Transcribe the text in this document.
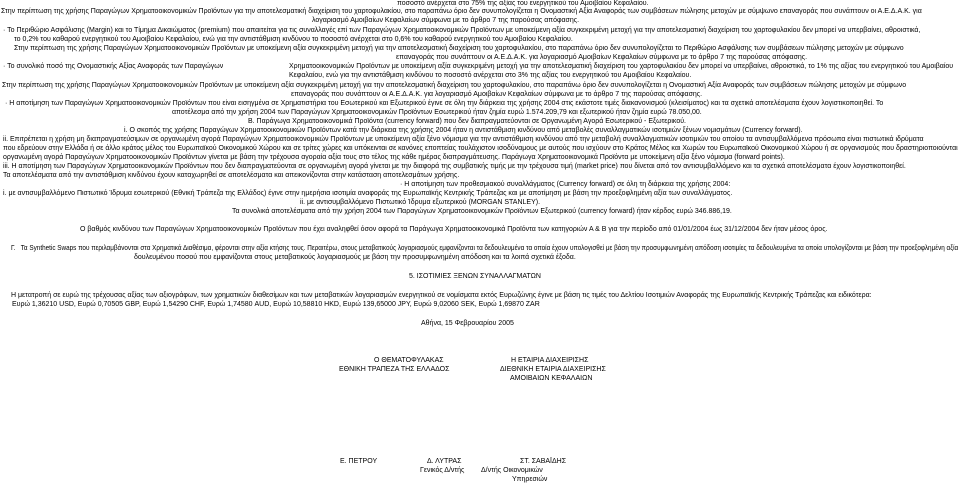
ποσοστό ανέρχεται στο 75% της αξίας του ενεργητικού του Αμοιβαίου Κεφαλαίου.
Στην περίπτωση της χρήσης Παραγώγων Χρηματοοικονομικών Προϊόντων για την αποτελεσματική διαχείριση του χαρτοφυλακίου, στο παραπάνω όριο δεν συνυπολογίζεται η Ονομαστική Αξία Αναφοράς των συμβάσεων πώλησης μετοχών με σύμψωνο επαναγοράς που συνάπτουν οι Α.Ε.Δ.Α.Κ. για
λογαριασμό Αμοιβαίων Κεφαλαίων σύμφωνα με το άρθρο 7 της παρούσας απόφασης.
· Το Περιθώριο Ασφάλισης (Margin) και το Τίμημα Δικαιώματος (premium) που απαιτείται για τις συναλλαγές επί των Παραγώγων Χρηματοοικονομικών Προϊόντων με υποκείμενη αξία συγκεκριμένη μετοχή για την αποτελεσματική διαχείριση του χαρτοφυλακίου δεν μπορεί να υπερβαίνει, αθροιστικά,
το 0,2% του καθαρού ενεργητικού του Αμοιβαίου Κεφαλαίου, ενώ για την αντιστάθμιση κινδύνου το ποσοστό ανέρχεται στο 0,6% του καθαρού ενεργητικού του Αμοιβαίου Κεφαλαίου.
Στην περίπτωση της χρήσης Παραγώγων Χρηματοοικονομικών Προϊόντων με υποκείμενη αξία συγκεκριμένη μετοχή για την αποτελεσματική διαχείριση του χαρτοφυλακίου, στο παραπάνω όριο δεν συνυπολογίζεται το Περιθώριο Ασφάλισης των συμβάσεων πώλησης μετοχών με σύμφωνο
επαναγοράς που συνάπτουν οι Α.Ε.Δ.Α.Κ. για λογαριασμό Αμοιβαίων Κεφαλαίων σύμφωνα με το άρθρο 7 της παρούσας απόφασης.
· Το συνολικό ποσό της Ονομαστικής Αξίας Αναφοράς των Παραγώγων	Χρηματοοικονομικών Προϊόντων με υποκείμενη αξία συγκεκριμένη μετοχή για την αποτελεσματική διαχείριση του χαρτοφυλακίου δεν μπορεί να υπερβαίνει, αθροιστικά, το 1% της αξίας του ενεργητικού του Αμοιβαίου
Κεφαλαίου, ενώ για την αντιστάθμιση κινδύνου το ποσοστό ανέρχεται στο 3% της αξίας του ενεργητικού του Αμοιβαίου Κεφαλαίου.
Στην περίπτωση της χρήσης Παραγώγων Χρηματοοικονομικών Προϊόντων με υποκείμενη αξία συγκεκριμένη μετοχή για την αποτελεσματική διαχείριση του χαρτοφυλακίου, στο παραπάνω όριο δεν συνυπολογίζεται η Ονομαστική Αξία Αναφοράς των συμβάσεων πώλησης μετοχών με σύμφωνο
επαναγοράς που συνάπτουν οι Α.Ε.Δ.Α.Κ. για λογαριασμό Αμοιβαίων Κεφαλαίων σύμφωνα με το άρθρο 7 της παρούσας απόφασης.
· Η αποτίμηση των Παραγώγων Χρηματοοικονομικών Προϊόντων που είναι εισηγμένα σε Χρηματιστήρια του Εσωτερικού και Εξωτερικού έγινε σε όλη την διάρκεια της χρήσης 2004 στις εκάστοτε τιμές διακανονισμού (κλεισίματος) και τα σχετικά αποτελέσματα έχουν λογιστικοποιηθεί. Το
αποτέλεσμα από την χρήση 2004 των Παραγώγων Χρηματοοικονομικών Προϊόντων Εσωτερικού ήταν ζημία ευρώ 1.574.209,79 και εξωτερικού ήταν ζημία ευρώ 78.050,00.
Β. Παράγωγα Χρηματοοικονομικά Προϊόντα (currency forward) που δεν διαπραγματεύονται σε Οργανωμένη Αγορά Εσωτερικού - Εξωτερικού.
i. Ο σκοπός της χρήσης Παραγώγων Χρηματοοικονομικών Προϊόντων κατά την διάρκεια της χρήσης 2004 ήταν η αντιστάθμιση κινδύνου από μεταβολές συναλλαγματικών ισοτιμιών ξένων νομισμάτων (Currency forward).
ii. Επιτρέπεται η χρήση μη διαπραγματεύσιμων σε οργανωμένη αγορά Παραγώγων Χρηματοοικονομικών Προϊόντων με υποκείμενη αξία ξένο νόμισμα για την αντιστάθμιση κινδύνου από την μεταβολή συναλλαγματικών ισοτιμιών του οποίου τα αντισυμβαλλόμενα πρόσωπα είναι πιστωτικά ιδρύματα
που εδρεύουν στην Ελλάδα ή σε άλλο κράτος μέλος του Ευρωπαϊκού Οικονομικού Χώρου και σε τρίτες χώρες και υπόκεινται σε κανόνες εποπτείας τουλάχιστον ισοδύναμους με αυτούς που ισχύουν στο Κράτος Μέλος και Χωρών του Ευρωπαϊκού Οικονομικού Χώρου ή σε οργανισμούς που δραστηριοποιούνται
οργανωμένη αγορά Παραγώγων Χρηματοοικονομικών Προϊόντων γίνεται με βάση την τρέχουσα αγοραία αξία τους στο τέλος της κάθε ημέρας διαπραγμάτευσης. Παράγωγα Χρηματοοικονομικά Προϊόντα με υποκείμενη αξία ξένο νόμισμα (forward points).
iii. Η αποτίμηση των Παραγώγων Χρηματοοικονομικών Προϊόντων που δεν διαπραγματεύονται σε οργανωμένη αγορά γίνεται με την διαφορά της συμβατικής τιμής με την τρέχουσα τιμή (market price) που δίνεται από τον αντισυμβαλλόμενο και τα σχετικά αποτελέσματα έχουν λογιστικοποιηθεί.
Τα αποτελέσματα από την αντιστάθμιση κινδύνου έχουν καταχωρηθεί σε αποτελέσματα και απεικονίζονται στην κατάσταση αποτελεσμάτων χρήσης.
· Η αποτίμηση των προθεσμιακού συναλλάγματος (Currency forward) σε όλη τη διάρκεια της χρήσης 2004:
i. με αντισυμβαλλόμενο Πιστωτικό Ίδρυμα εσωτερικού (Εθνική Τράπεζα της Ελλάδος) έγινε στην ημερήσια ισοτιμία αναφοράς της Ευρωπαϊκής Κεντρικής Τράπεζας και με αποτίμηση με βάση την προεξοφλημένη αξία των συναλλάγματος.
ii. με αντισυμβαλλόμενο Πιστωτικό Ίδρυμα εξωτερικού (MORGAN STANLEY).
Τα συνολικά αποτελέσματα από την χρήση 2004 των Παραγώγων Χρηματοοικονομικών Προϊόντων Εξωτερικού (currency forward) ήταν κέρδος ευρώ 346.886,19.
Ο βαθμός κινδύνου των Παραγώγων Χρηματοοικονομικών Προϊόντων που έχει αναληφθεί όσον αφορά τα Παράγωγα Χρηματοοικονομικά Προϊόντα των κατηγοριών Α & Β για την περίοδο από 01/01/2004 έως 31/12/2004 δεν ήταν μέσος όρος.
Γ.   Τα Synthetic Swaps που περιλαμβάνονται στα Χρηματικά Διαθέσιμα, φέρονται στην αξία κτήσης τους. Περαιτέρω, στους μεταβατικούς λογαριασμούς εμφανίζονται τα δεδουλευμένα τα οποία έχουν υπολογισθεί με βάση την προσυμφωνημένη απόδοση ισοτιμίες τα δεδουλευμένα τα οποία υπολογίζονται με βάση την προεξοφλημένη αξία
δουλευμένου ποσού που εμφανίζονται στους μεταβατικούς λογαριασμούς με βάση την προσυμφωνημένη απόδοση και τα λοιπά σχετικά έξοδα.
5. ΙΣΟΤΙΜΙΕΣ ΞΕΝΩΝ ΣΥΝΑΛΛΑΓΜΑΤΩΝ
Η μετατροπή σε ευρώ της τρέχουσας αξίας των αξιογράφων, των χρηματικών διαθεσίμων και των μεταβατικών λογαριασμών ενεργητικού σε νομίσματα εκτός Ευρωζώνης έγινε με βάση τις τιμές του Δελτίου Ισοτιμιών Αναφοράς της Ευρωπαϊκής Κεντρικής Τράπεζας και ειδικότερα:
Ευρώ 1,36210 USD, Ευρώ 0,70505 GBP, Ευρώ 1,54290 CHF, Ευρώ 1,74580 AUD, Ευρώ 10,58810 HKD, Ευρώ 139,65000 JPY, Ευρώ 9,02060 SEK, Ευρώ 1,69870 ZAR
Αθήνα, 15 Φεβρουαρίου 2005
Ο ΘΕΜΑΤΟΦΥΛΑΚΑΣ
ΕΘΝΙΚΗ ΤΡΑΠΕΖΑ ΤΗΣ ΕΛΛΑΔΟΣ
Η ΕΤΑΙΡΙΑ ΔΙΑΧΕΙΡΙΣΗΣ
ΔΙΕΘΝΙΚΗ ΕΤΑΙΡΙΑ ΔΙΑΧΕΙΡΙΣΗΣ
ΑΜΟΙΒΑΙΩΝ ΚΕΦΑΛΑΙΩΝ
Ε. ΠΕΤΡΟΥ	Δ. ΛΥΤΡΑΣ	ΣΤ. ΣΑΒΑΪΔΗΣ
Γενικός Δ/ντής Δ/ντής Οικονομικών
Υπηρεσιών
